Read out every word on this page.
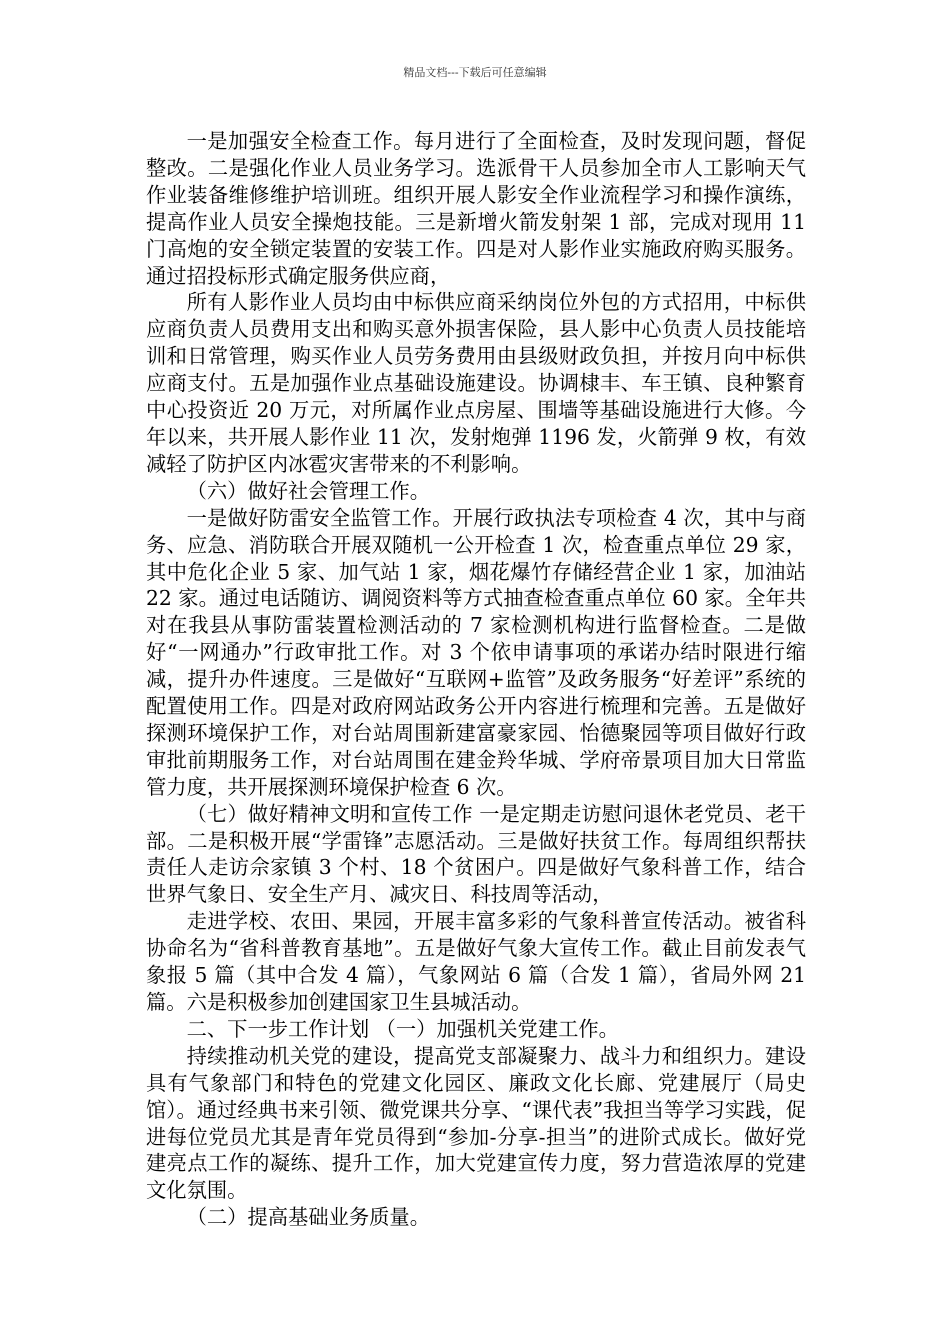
精品文档---下载后可任意编辑

一是加强安全检查工作。每月进行了全面检查，及时发现问题，督促整改。二是强化作业人员业务学习。选派骨干人员参加全市人工影响天气作业装备维修维护培训班。组织开展人影安全作业流程学习和操作演练，提高作业人员安全操炮技能。三是新增火箭发射架 1 部，完成对现用 11 门高炮的安全锁定装置的安装工作。四是对人影作业实施政府购买服务。通过招投标形式确定服务供应商，

所有人影作业人员均由中标供应商采纳岗位外包的方式招用，中标供应商负责人员费用支出和购买意外损害保险，县人影中心负责人员技能培训和日常管理，购买作业人员劳务费用由县级财政负担，并按月向中标供应商支付。五是加强作业点基础设施建设。协调棣丰、车王镇、良种繁育中心投资近 20 万元，对所属作业点房屋、围墙等基础设施进行大修。今年以来，共开展人影作业 11 次，发射炮弹 1196 发，火箭弹 9 枚，有效减轻了防护区内冰雹灾害带来的不利影响。

（六）做好社会管理工作。

一是做好防雷安全监管工作。开展行政执法专项检查 4 次，其中与商务、应急、消防联合开展双随机一公开检查 1 次，检查重点单位 29 家，其中危化企业 5 家、加气站 1 家，烟花爆竹存储经营企业 1 家，加油站 22 家。通过电话随访、调阅资料等方式抽查检查重点单位 60 家。全年共对在我县从事防雷装置检测活动的 7 家检测机构进行监督检查。二是做好“一网通办”行政审批工作。对 3 个依申请事项的承诺办结时限进行缩减，提升办件速度。三是做好“互联网+监管”及政务服务“好差评”系统的配置使用工作。四是对政府网站政务公开内容进行梳理和完善。五是做好探测环境保护工作，对台站周围新建富豪家园、怡德聚园等项目做好行政审批前期服务工作，对台站周围在建金羚华城、学府帝景项目加大日常监管力度，共开展探测环境保护检查 6 次。

（七）做好精神文明和宣传工作 一是定期走访慰问退休老党员、老干部。二是积极开展“学雷锋”志愿活动。三是做好扶贫工作。每周组织帮扶责任人走访佘家镇 3 个村、18 个贫困户。四是做好气象科普工作，结合世界气象日、安全生产月、减灾日、科技周等活动，

走进学校、农田、果园，开展丰富多彩的气象科普宣传活动。被省科协命名为“省科普教育基地”。五是做好气象大宣传工作。截止目前发表气象报 5 篇（其中合发 4 篇），气象网站 6 篇（合发 1 篇），省局外网 21 篇。六是积极参加创建国家卫生县城活动。

二、下一步工作计划 （一）加强机关党建工作。

持续推动机关党的建设，提高党支部凝聚力、战斗力和组织力。建设具有气象部门和特色的党建文化园区、廉政文化长廊、党建展厅（局史馆）。通过经典书来引领、微党课共分享、“课代表”我担当等学习实践，促进每位党员尤其是青年党员得到“参加-分享-担当”的进阶式成长。做好党建亮点工作的凝练、提升工作，加大党建宣传力度，努力营造浓厚的党建文化氛围。

（二）提高基础业务质量。
